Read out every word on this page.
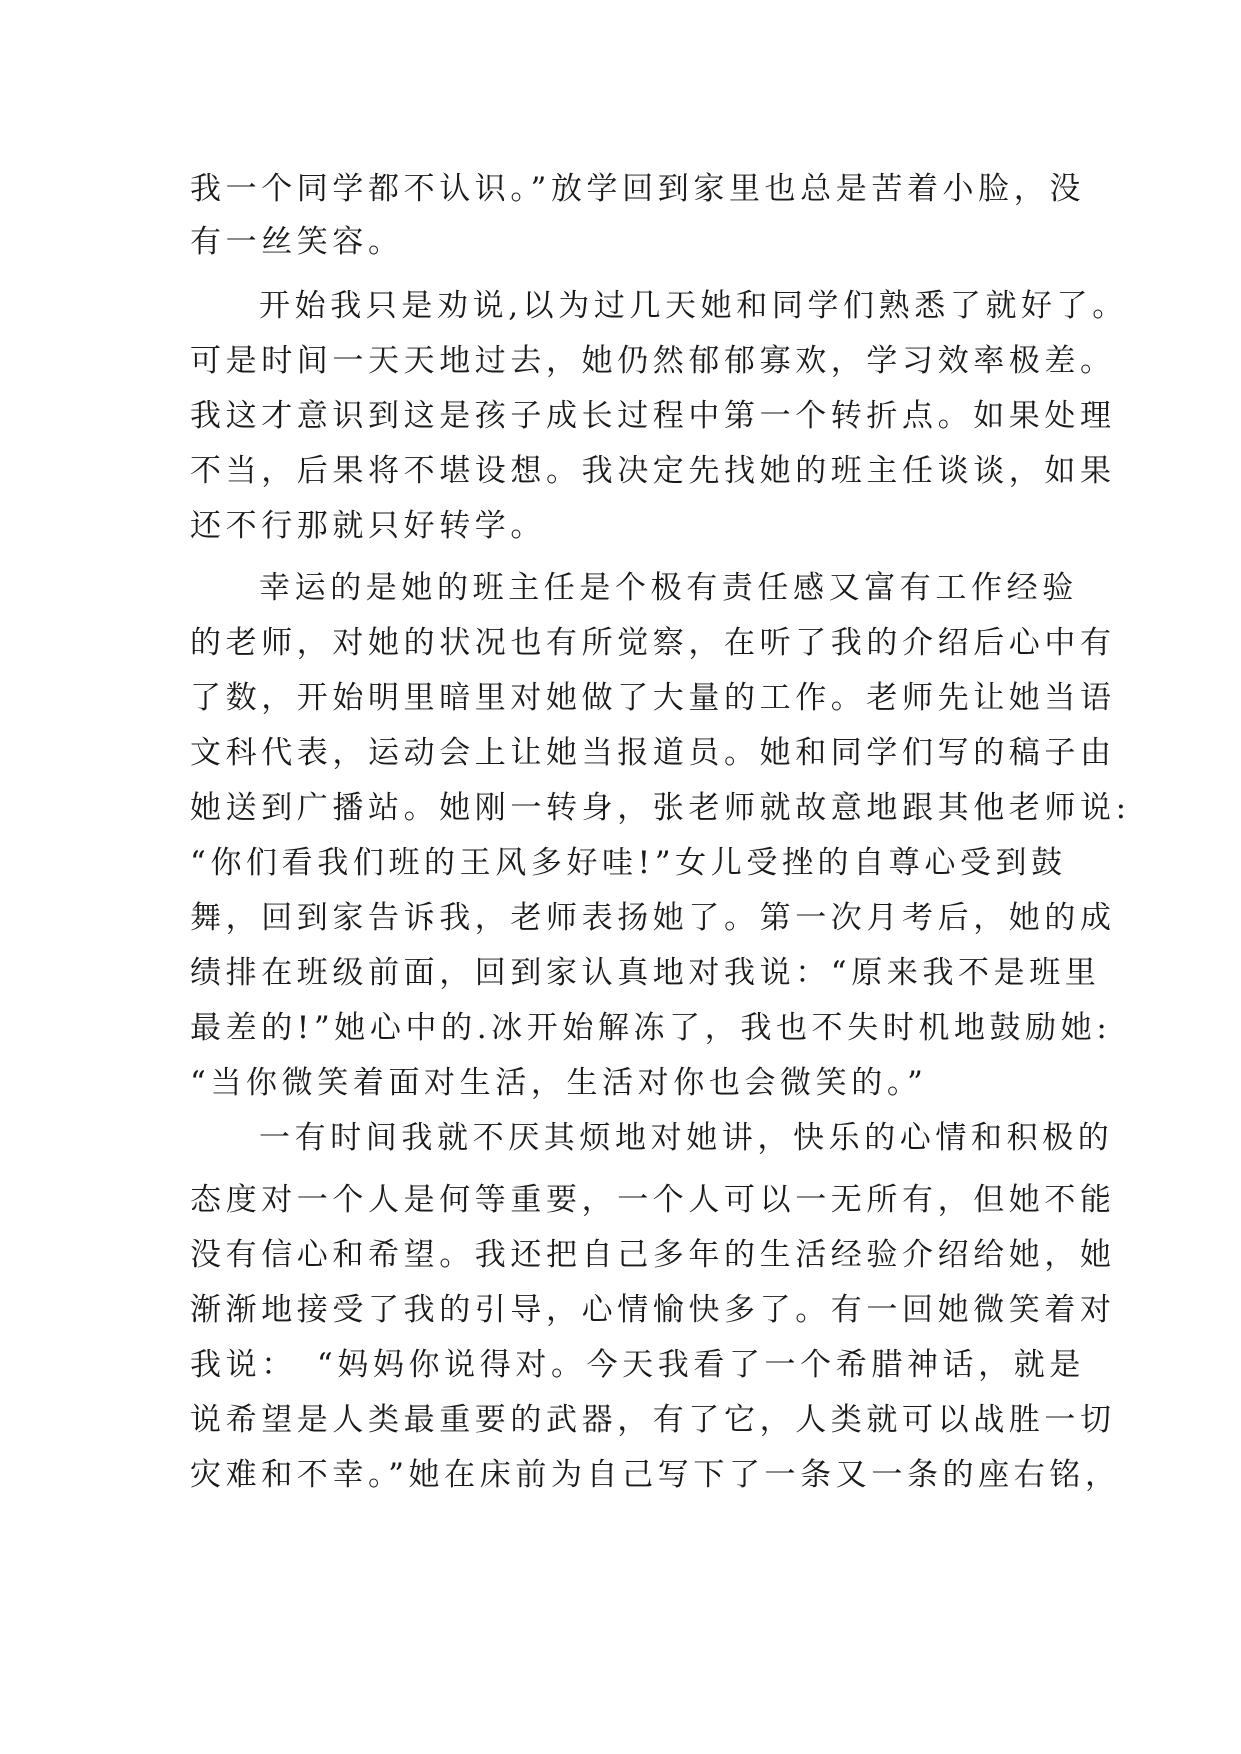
我一个同学都不认识。”放学回到家里也总是苦着小脸，没
有一丝笑容。
开始我只是劝说,以为过几天她和同学们熟悉了就好了。
可是时间一天天地过去，她仍然郁郁寡欢，学习效率极差。
我这才意识到这是孩子成长过程中第一个转折点。如果处理
不当，后果将不堪设想。我决定先找她的班主任谈谈，如果
还不行那就只好转学。
幸运的是她的班主任是个极有责任感又富有工作经验
的老师，对她的状况也有所觉察，在听了我的介绍后心中有
了数，开始明里暗里对她做了大量的工作。老师先让她当语
文科代表，运动会上让她当报道员。她和同学们写的稿子由
她送到广播站。她刚一转身，张老师就故意地跟其他老师说:
“你们看我们班的王风多好哇!”女儿受挫的自尊心受到鼓
舞，回到家告诉我，老师表扬她了。第一次月考后，她的成
绩排在班级前面，回到家认真地对我说：“原来我不是班里
最差的!”她心中的.冰开始解冻了，我也不失时机地鼓励她:
“当你微笑着面对生活，生活对你也会微笑的。”
一有时间我就不厌其烦地对她讲，快乐的心情和积极的
态度对一个人是何等重要，一个人可以一无所有，但她不能
没有信心和希望。我还把自己多年的生活经验介绍给她，她
渐渐地接受了我的引导，心情愉快多了。有一回她微笑着对
我说：　“妈妈你说得对。今天我看了一个希腊神话，就是
说希望是人类最重要的武器，有了它，人类就可以战胜一切
灾难和不幸。”她在床前为自己写下了一条又一条的座右铭，
